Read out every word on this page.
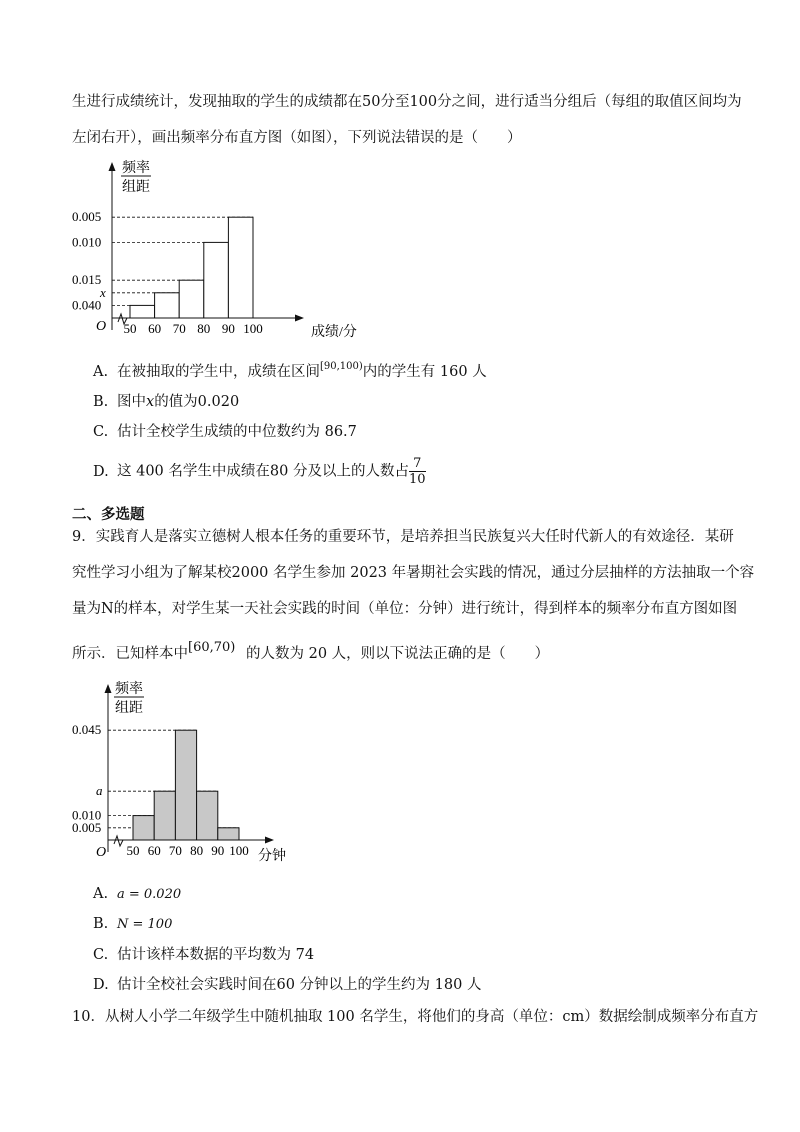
生进行成绩统计，发现抽取的学生的成绩都在50分至100分之间，进行适当分组后（每组的取值区间均为
左闭右开），画出频率分布直方图（如图），下列说法错误的是（　　）
频率
组距
O	成绩/分
0.040
x
0.015
0.010
0.005
50 60 70 80 90 100
A. 在被抽取的学生中，成绩在区间$^{[90,100)}$内的学生有 160 人
B. 图中x的值为0.020
C. 估计全校学生成绩的中位数约为 86.7
D. 这 400 名学生中成绩在80 分及以上的人数占 $\frac{7}{10}$
二、多选题
9．实践育人是落实立德树人根本任务的重要环节，是培养担当民族复兴大任时代新人的有效途径．某研
究性学习小组为了解某校2000 名学生参加 2023 年暑期社会实践的情况，通过分层抽样的方法抽取一个容
量为N的样本，对学生某一天社会实践的时间（单位：分钟）进行统计，得到样本的频率分布直方图如图
所示．已知样本中 [60,70) 的人数为 20 人，则以下说法正确的是（　　）
频率
组距
O	分钟
0.045
a
0.010
0.005
50 60 70 80 90 100
A. a = 0.020
B. N = 100
C. 估计该样本数据的平均数为 74
D. 估计全校社会实践时间在60 分钟以上的学生约为 180 人
10．从树人小学二年级学生中随机抽取 100 名学生，将他们的身高（单位：cm）数据绘制成频率分布直方
